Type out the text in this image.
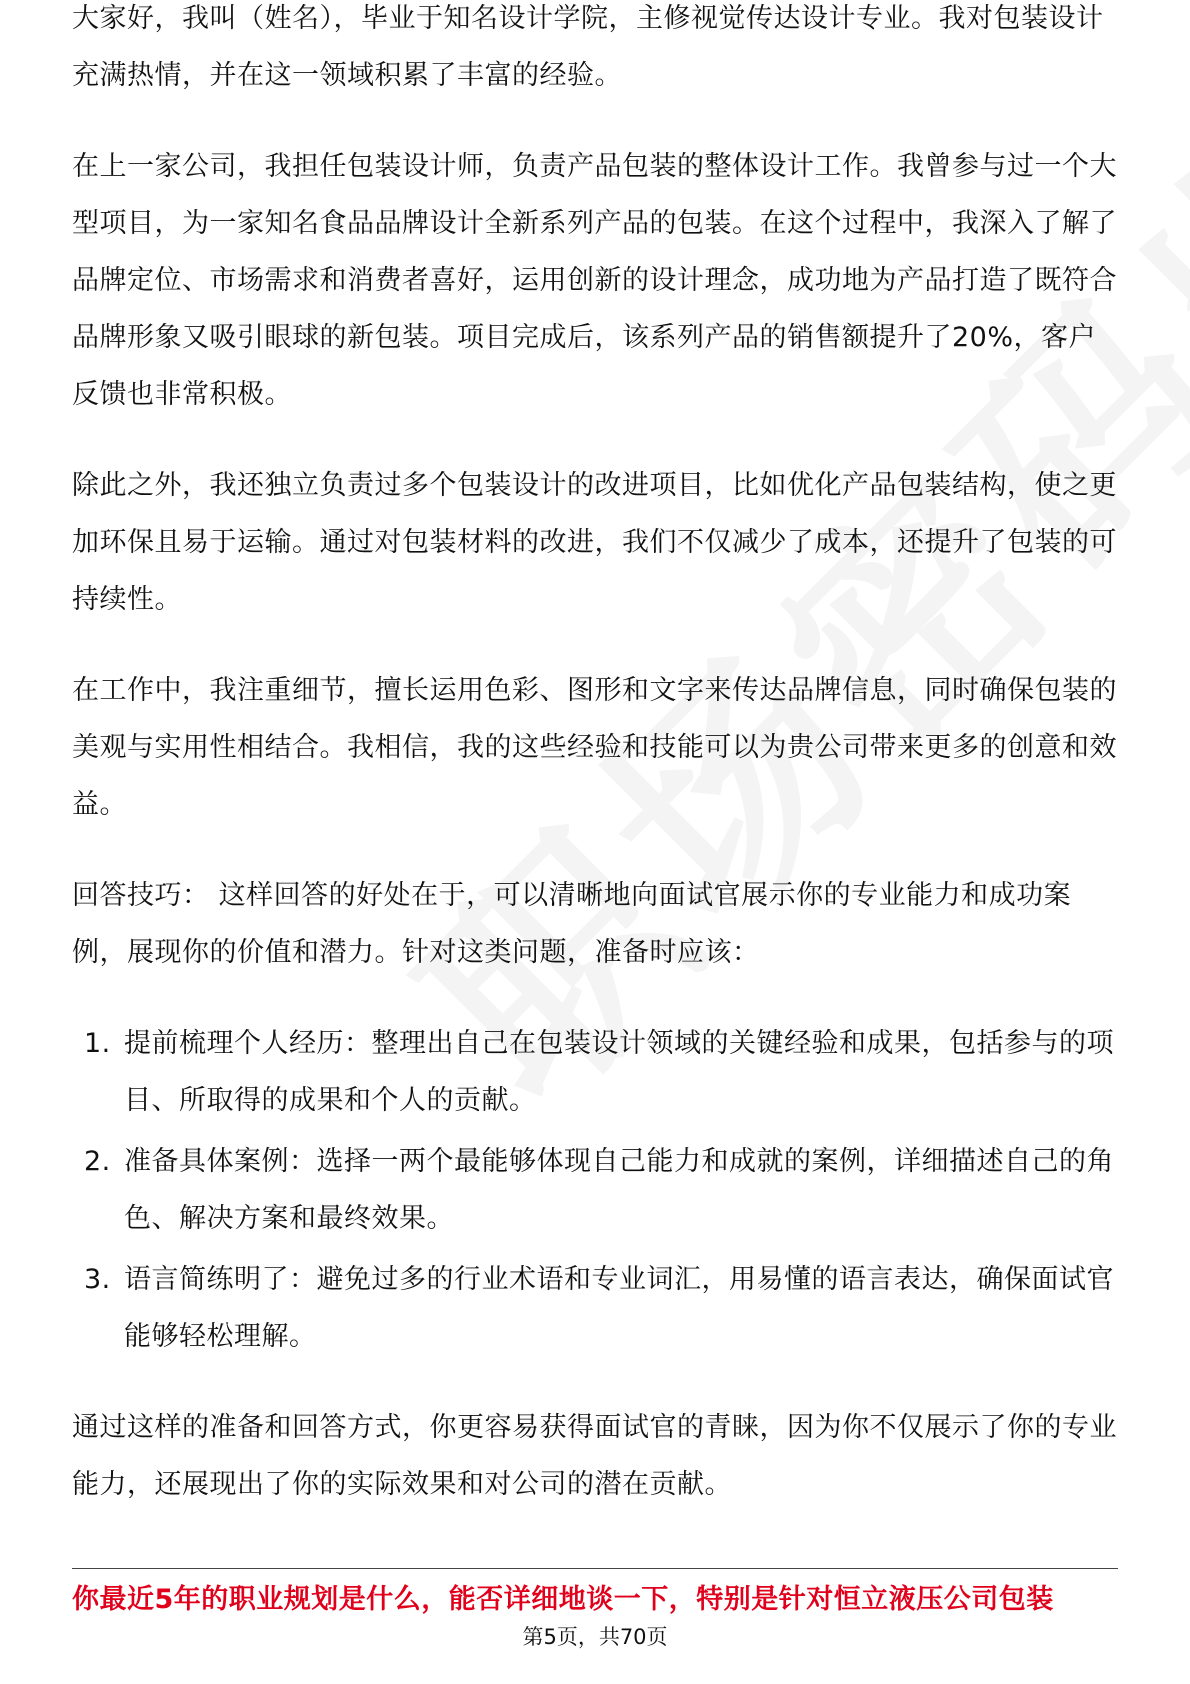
大家好，我叫（姓名），毕业于知名设计学院，主修视觉传达设计专业。我对包装设计充满热情，并在这一领域积累了丰富的经验。

在上一家公司，我担任包装设计师，负责产品包装的整体设计工作。我曾参与过一个大型项目，为一家知名食品品牌设计全新系列产品的包装。在这个过程中，我深入了解了品牌定位、市场需求和消费者喜好，运用创新的设计理念，成功地为产品打造了既符合品牌形象又吸引眼球的新包装。项目完成后，该系列产品的销售额提升了20%，客户反馈也非常积极。

除此之外，我还独立负责过多个包装设计的改进项目，比如优化产品包装结构，使之更加环保且易于运输。通过对包装材料的改进，我们不仅减少了成本，还提升了包装的可持续性。

在工作中，我注重细节，擅长运用色彩、图形和文字来传达品牌信息，同时确保包装的美观与实用性相结合。我相信，我的这些经验和技能可以为贵公司带来更多的创意和效益。

回答技巧： 这样回答的好处在于，可以清晰地向面试官展示你的专业能力和成功案例，展现你的价值和潜力。针对这类问题，准备时应该：

1. 提前梳理个人经历：整理出自己在包装设计领域的关键经验和成果，包括参与的项目、所取得的成果和个人的贡献。
2. 准备具体案例：选择一两个最能够体现自己能力和成就的案例，详细描述自己的角色、解决方案和最终效果。
3. 语言简练明了：避免过多的行业术语和专业词汇，用易懂的语言表达，确保面试官能够轻松理解。

通过这样的准备和回答方式，你更容易获得面试官的青睐，因为你不仅展示了你的专业能力，还展现出了你的实际效果和对公司的潜在贡献。

你最近5年的职业规划是什么，能否详细地谈一下，特别是针对恒立液压公司包装
第5页，共70页
